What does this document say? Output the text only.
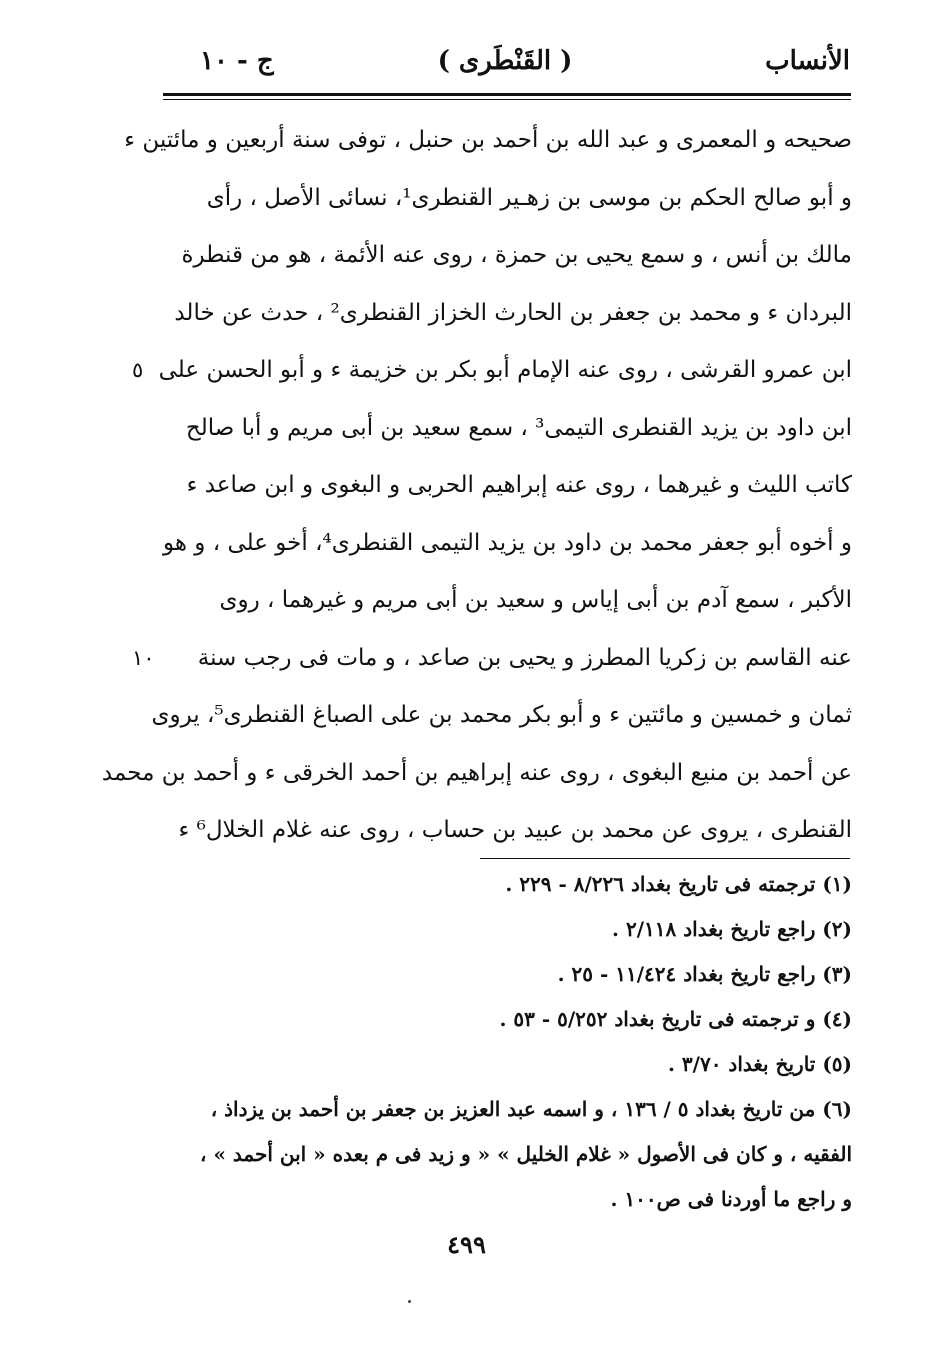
الأنساب
( القَنْطَرى )
ج - ١٠
صحيحه و المعمرى و عبد الله بن أحمد بن حنبل ، توفى سنة أربعين و مائتين ء
و أبو صالح الحكم بن موسى بن زهـير القنطرى¹، نسائى الأصل ، رأى
مالك بن أنس ، و سمع يحيى بن حمزة ، روى عنه الأئمة ، هو من قنطرة
البردان ء و محمد بن جعفر بن الحارث الخزاز القنطرى² ، حدث عن خالد
ابن عمرو القرشى ، روى عنه الإمام أبو بكر بن خزيمة ء و أبو الحسن على
٥
ابن داود بن يزيد القنطرى التيمى³ ، سمع سعيد بن أبى مريم و أبا صالح
كاتب الليث و غيرهما ، روى عنه إبراهيم الحربى و البغوى و ابن صاعد ء
و أخوه أبو جعفر محمد بن داود بن يزيد التيمى القنطرى⁴، أخو على ، و هو
الأكبر ، سمع آدم بن أبى إياس و سعيد بن أبى مريم و غيرهما ، روى
عنه القاسم بن زكريا المطرز و يحيى بن صاعد ، و مات فى رجب سنة
١٠
ثمان و خمسين و مائتين ء و أبو بكر محمد بن على الصباغ القنطرى⁵، يروى
عن أحمد بن منيع البغوى ، روى عنه إبراهيم بن أحمد الخرقى ء و أحمد بن محمد
القنطرى ، يروى عن محمد بن عبيد بن حساب ، روى عنه غلام الخلال⁶ ء
(١) ترجمته فى تاريخ بغداد ٨/٢٢٦ - ٢٢٩ .
(٢) راجع تاريخ بغداد ٢/١١٨ .
(٣) راجع تاريخ بغداد ١١/٤٢٤ - ٢٥ .
(٤) و ترجمته فى تاريخ بغداد ٥/٢٥٢ - ٥٣ .
(٥) تاريخ بغداد ٣/٧٠ .
(٦) من تاريخ بغداد ٥ / ١٣٦ ، و اسمه عبد العزيز بن جعفر بن أحمد بن يزداذ ،
الفقيه ، و كان فى الأصول « غلام الخليل » « و زيد فى م بعده « ابن أحمد » ،
و راجع ما أوردنا فى ص١٠٠ .
٤٩٩
